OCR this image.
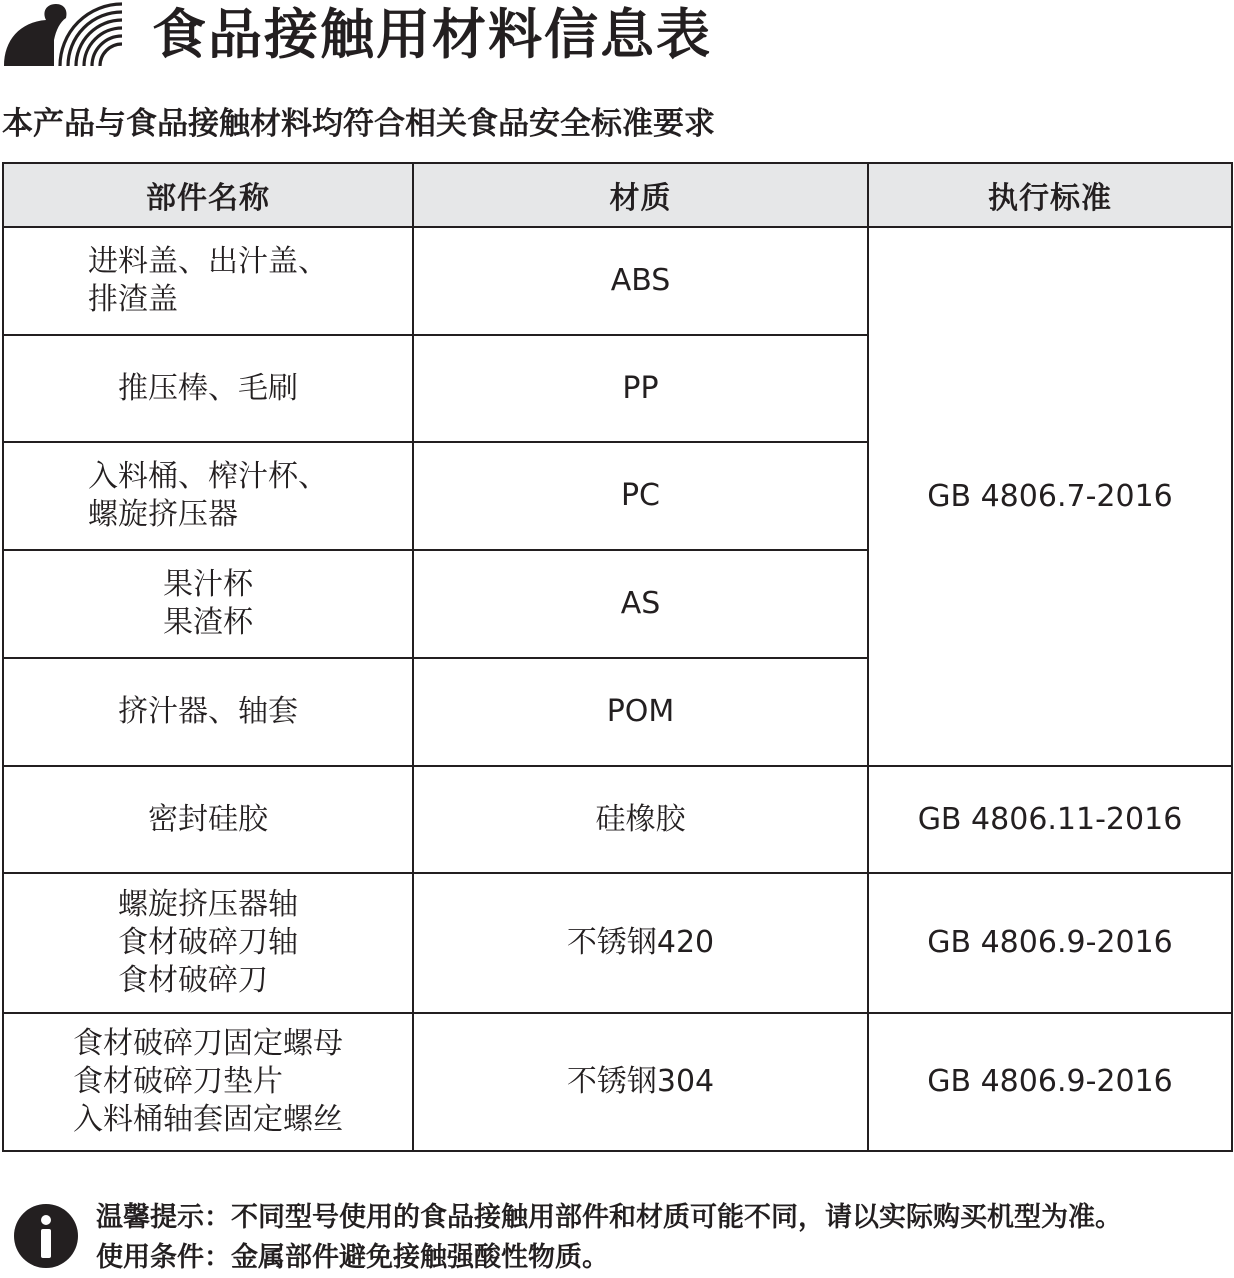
食品接触用材料信息表
本产品与食品接触材料均符合相关食品安全标准要求
部件名称	材质	执行标准
进料盖、出汁盖、
排渣盖	ABS	GB 4806.7-2016
推压棒、毛刷	PP	
入料桶、榨汁杯、
螺旋挤压器	PC	
果汁杯
果渣杯	AS	
挤汁器、轴套	POM	
密封硅胶	硅橡胶	GB 4806.11-2016
螺旋挤压器轴
食材破碎刀轴
食材破碎刀	不锈钢420	GB 4806.9-2016
食材破碎刀固定螺母
食材破碎刀垫片
入料桶轴套固定螺丝	不锈钢304	GB 4806.9-2016
温馨提示：不同型号使用的食品接触用部件和材质可能不同，请以实际购买机型为准。
使用条件：金属部件避免接触强酸性物质。
